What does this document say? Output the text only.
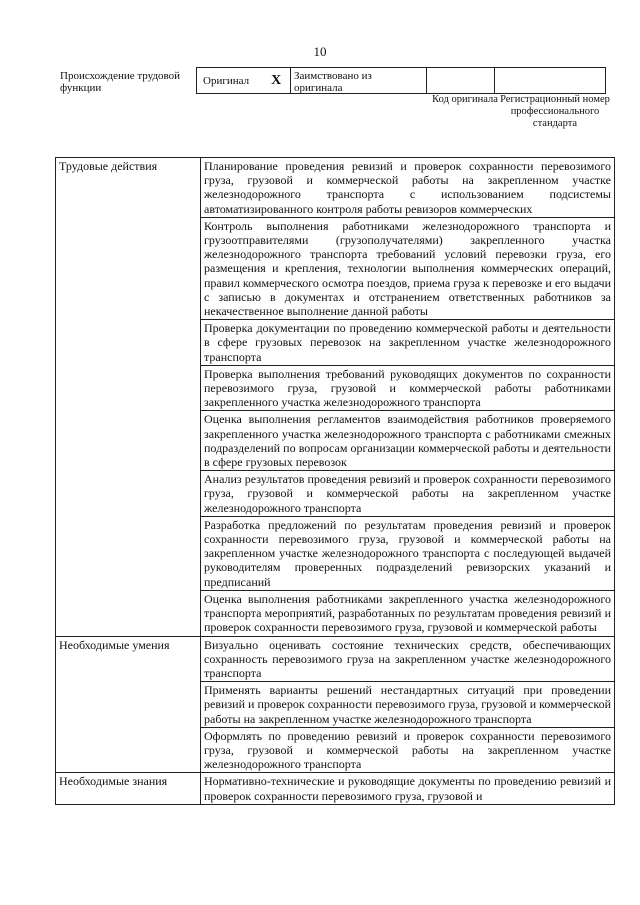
10
Происхождение трудовой функции
Оригинал X Заимствовано из оригинала
Код оригинала Регистрационный номер профессионального стандарта
Трудовые действия	Планирование проведения ревизий и проверок сохранности перевозимого груза, грузовой и коммерческой работы на закрепленном участке железнодорожного транспорта с использованием подсистемы автоматизированного контроля работы ревизоров коммерческих
	Контроль выполнения работниками железнодорожного транспорта и грузоотправителями (грузополучателями) закрепленного участка железнодорожного транспорта требований условий перевозки груза, его размещения и крепления, технологии выполнения коммерческих операций, правил коммерческого осмотра поездов, приема груза к перевозке и его выдачи с записью в документах и отстранением ответственных работников за некачественное выполнение данной работы
	Проверка документации по проведению коммерческой работы и деятельности в сфере грузовых перевозок на закрепленном участке железнодорожного транспорта
	Проверка выполнения требований руководящих документов по сохранности перевозимого груза, грузовой и коммерческой работы работниками закрепленного участка железнодорожного транспорта
	Оценка выполнения регламентов взаимодействия работников проверяемого закрепленного участка железнодорожного транспорта с работниками смежных подразделений по вопросам организации коммерческой работы и деятельности в сфере грузовых перевозок
	Анализ результатов проведения ревизий и проверок сохранности перевозимого груза, грузовой и коммерческой работы на закрепленном участке железнодорожного транспорта
	Разработка предложений по результатам проведения ревизий и проверок сохранности перевозимого груза, грузовой и коммерческой работы на закрепленном участке железнодорожного транспорта с последующей выдачей руководителям проверенных подразделений ревизорских указаний и предписаний
	Оценка выполнения работниками закрепленного участка железнодорожного транспорта мероприятий, разработанных по результатам проведения ревизий и проверок сохранности перевозимого груза, грузовой и коммерческой работы
Необходимые умения	Визуально оценивать состояние технических средств, обеспечивающих сохранность перевозимого груза на закрепленном участке железнодорожного транспорта
	Применять варианты решений нестандартных ситуаций при проведении ревизий и проверок сохранности перевозимого груза, грузовой и коммерческой работы на закрепленном участке железнодорожного транспорта
	Оформлять по проведению ревизий и проверок сохранности перевозимого груза, грузовой и коммерческой работы на закрепленном участке железнодорожного транспорта
Необходимые знания	Нормативно-технические и руководящие документы по проведению ревизий и проверок сохранности перевозимого груза, грузовой и
